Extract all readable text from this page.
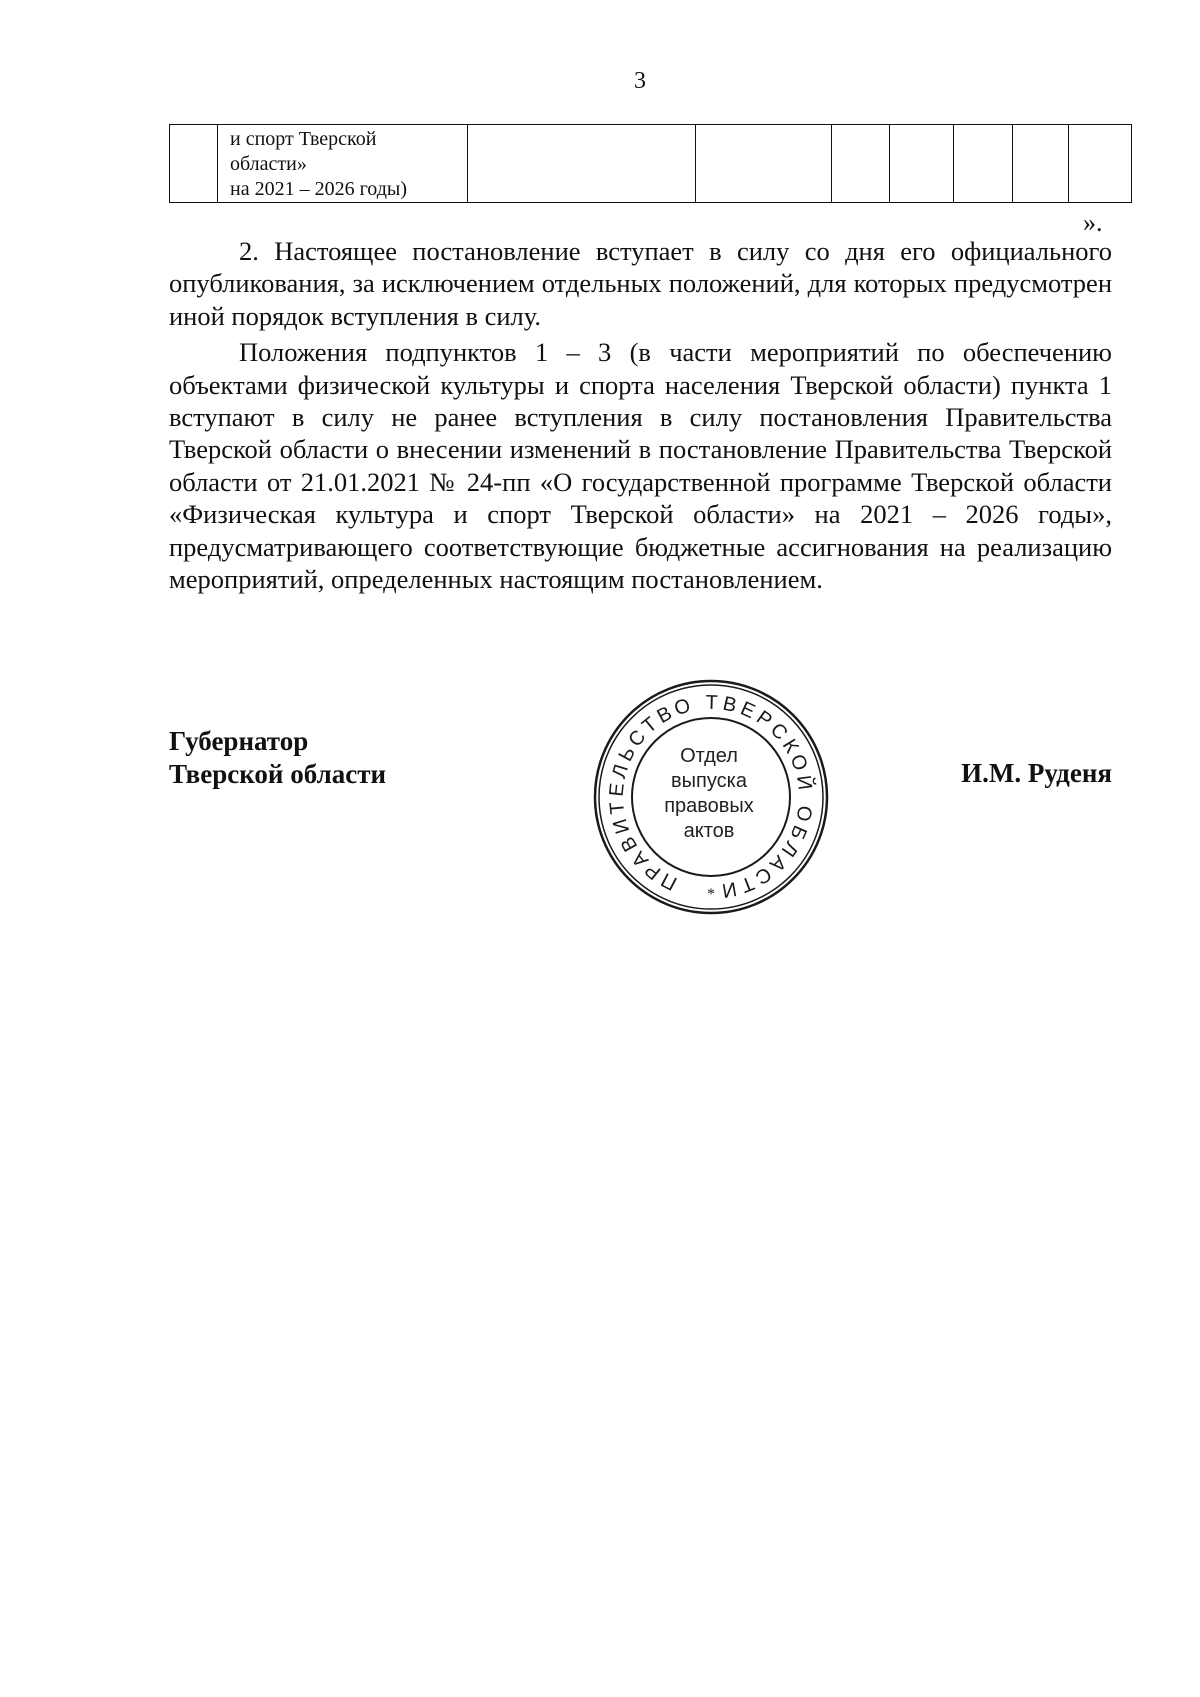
3

и спорт Тверской
области»
на 2021 – 2026 годы)

».

2. Настоящее постановление вступает в силу со дня его официального опубликования, за исключением отдельных положений, для которых предусмотрен иной порядок вступления в силу.

Положения подпунктов 1 – 3 (в части мероприятий по обеспечению объектами физической культуры и спорта населения Тверской области) пункта 1 вступают в силу не ранее вступления в силу постановления Правительства Тверской области о внесении изменений в постановление Правительства Тверской области от 21.01.2021 № 24-пп «О государственной программе Тверской области «Физическая культура и спорт Тверской области» на 2021 – 2026 годы», предусматривающего соответствующие бюджетные ассигнования на реализацию мероприятий, определенных настоящим постановлением.

Губернатор
Тверской области
ПРАВИТЕЛЬСТВО ТВЕРСКОЙ ОБЛАСТИ
*
Отдел
выпуска
правовых
актов
И.М. Руденя
